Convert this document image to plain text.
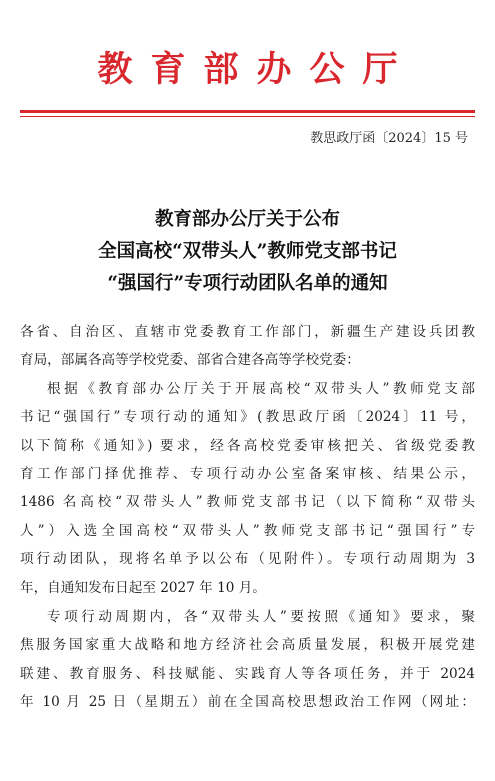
教育部办公厅
教思政厅函〔2024〕15 号
教育部办公厅关于公布
全国高校“双带头人”教师党支部书记
“强国行”专项行动团队名单的通知
各省、自治区、直辖市党委教育工作部门，新疆生产建设兵团教
育局，部属各高等学校党委、部省合建各高等学校党委：
根据《教育部办公厅关于开展高校“双带头人”教师党支部
书记“强国行”专项行动的通知》(教思政厅函〔2024〕11 号，
以下简称《通知》) 要求，经各高校党委审核把关、省级党委教
育工作部门择优推荐、专项行动办公室备案审核、结果公示，
1486 名高校“双带头人”教师党支部书记（以下简称“双带头
人”）入选全国高校“双带头人”教师党支部书记“强国行”专
项行动团队，现将名单予以公布（见附件）。专项行动周期为 3
年，自通知发布日起至 2027 年 10 月。
专项行动周期内，各“双带头人”要按照《通知》要求，聚
焦服务国家重大战略和地方经济社会高质量发展，积极开展党建
联建、教育服务、科技赋能、实践育人等各项任务，并于 2024
年 10 月 25 日（星期五）前在全国高校思想政治工作网（网址：
